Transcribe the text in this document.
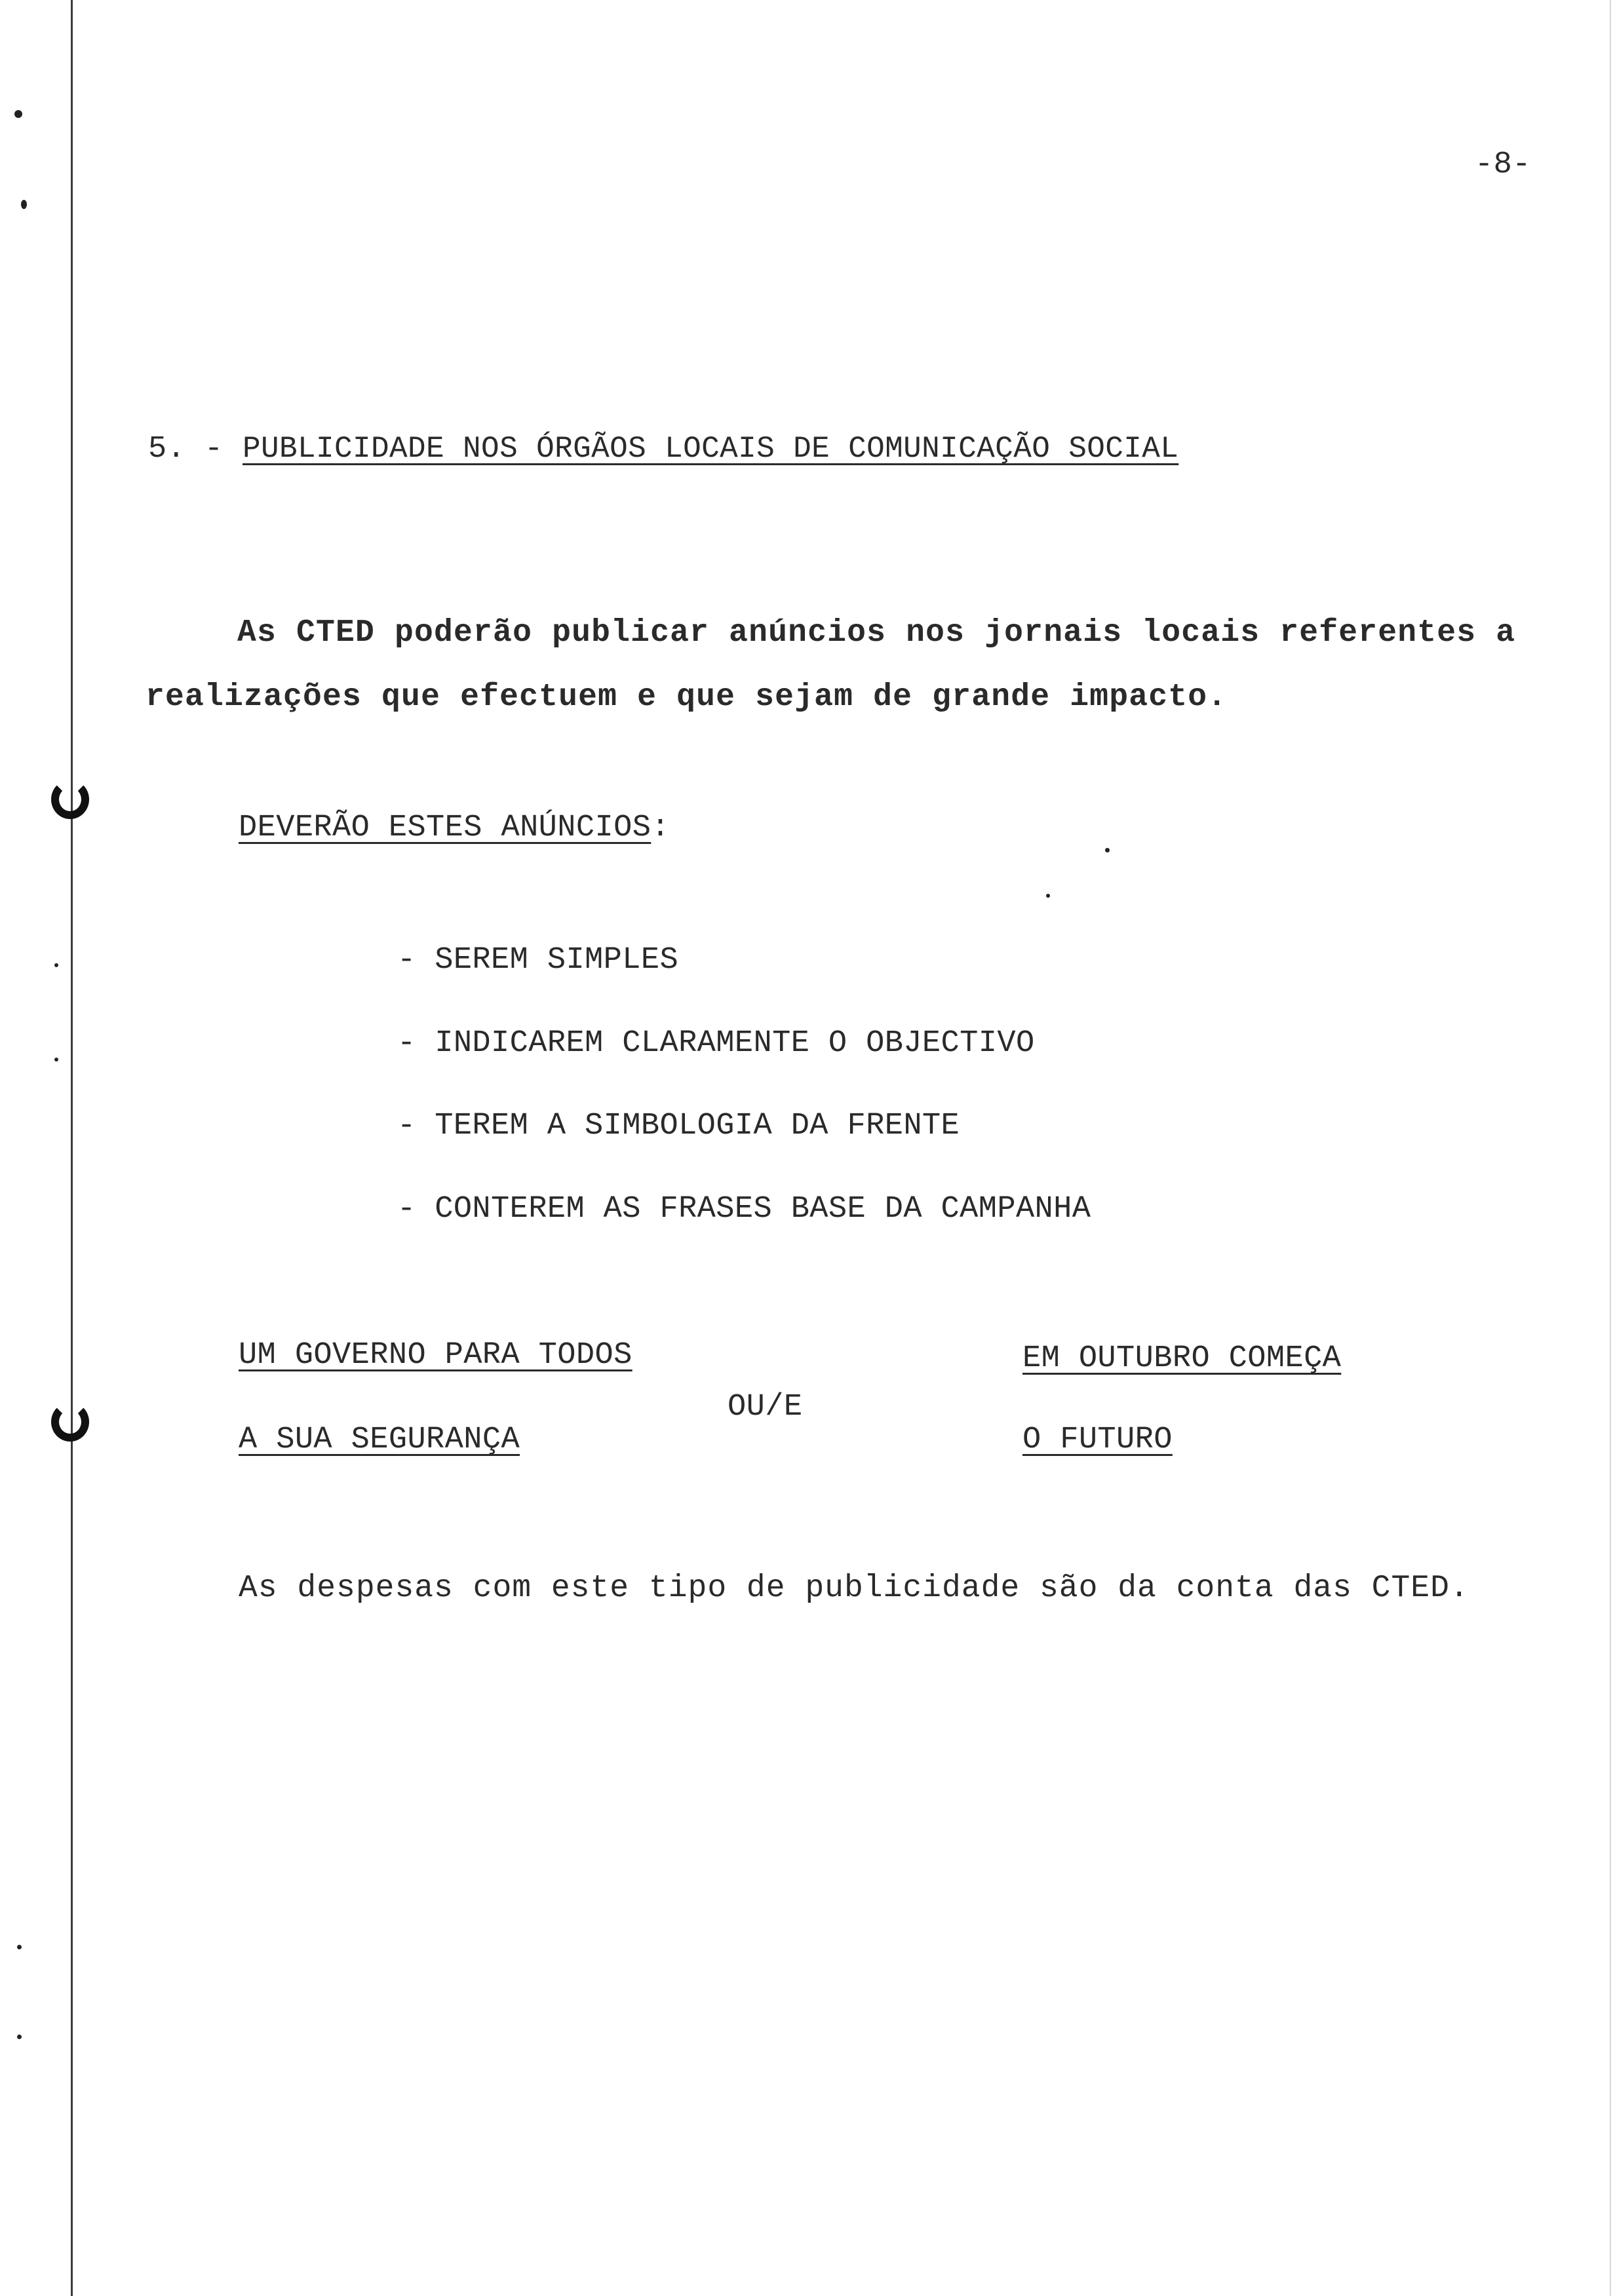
-8-
5. - PUBLICIDADE NOS ÓRGÃOS LOCAIS DE COMUNICAÇÃO SOCIAL
As CTED poderão publicar anúncios nos jornais locais referentes a
realizações que efectuem e que sejam de grande impacto.
DEVERÃO ESTES ANÚNCIOS:
- SEREM SIMPLES
- INDICAREM CLARAMENTE O OBJECTIVO
- TEREM A SIMBOLOGIA DA FRENTE
- CONTEREM AS FRASES BASE DA CAMPANHA
UM GOVERNO PARA TODOS
A SUA SEGURANÇA
OU/E
EM OUTUBRO COMEÇA
O FUTURO
As despesas com este tipo de publicidade são da conta das CTED.
